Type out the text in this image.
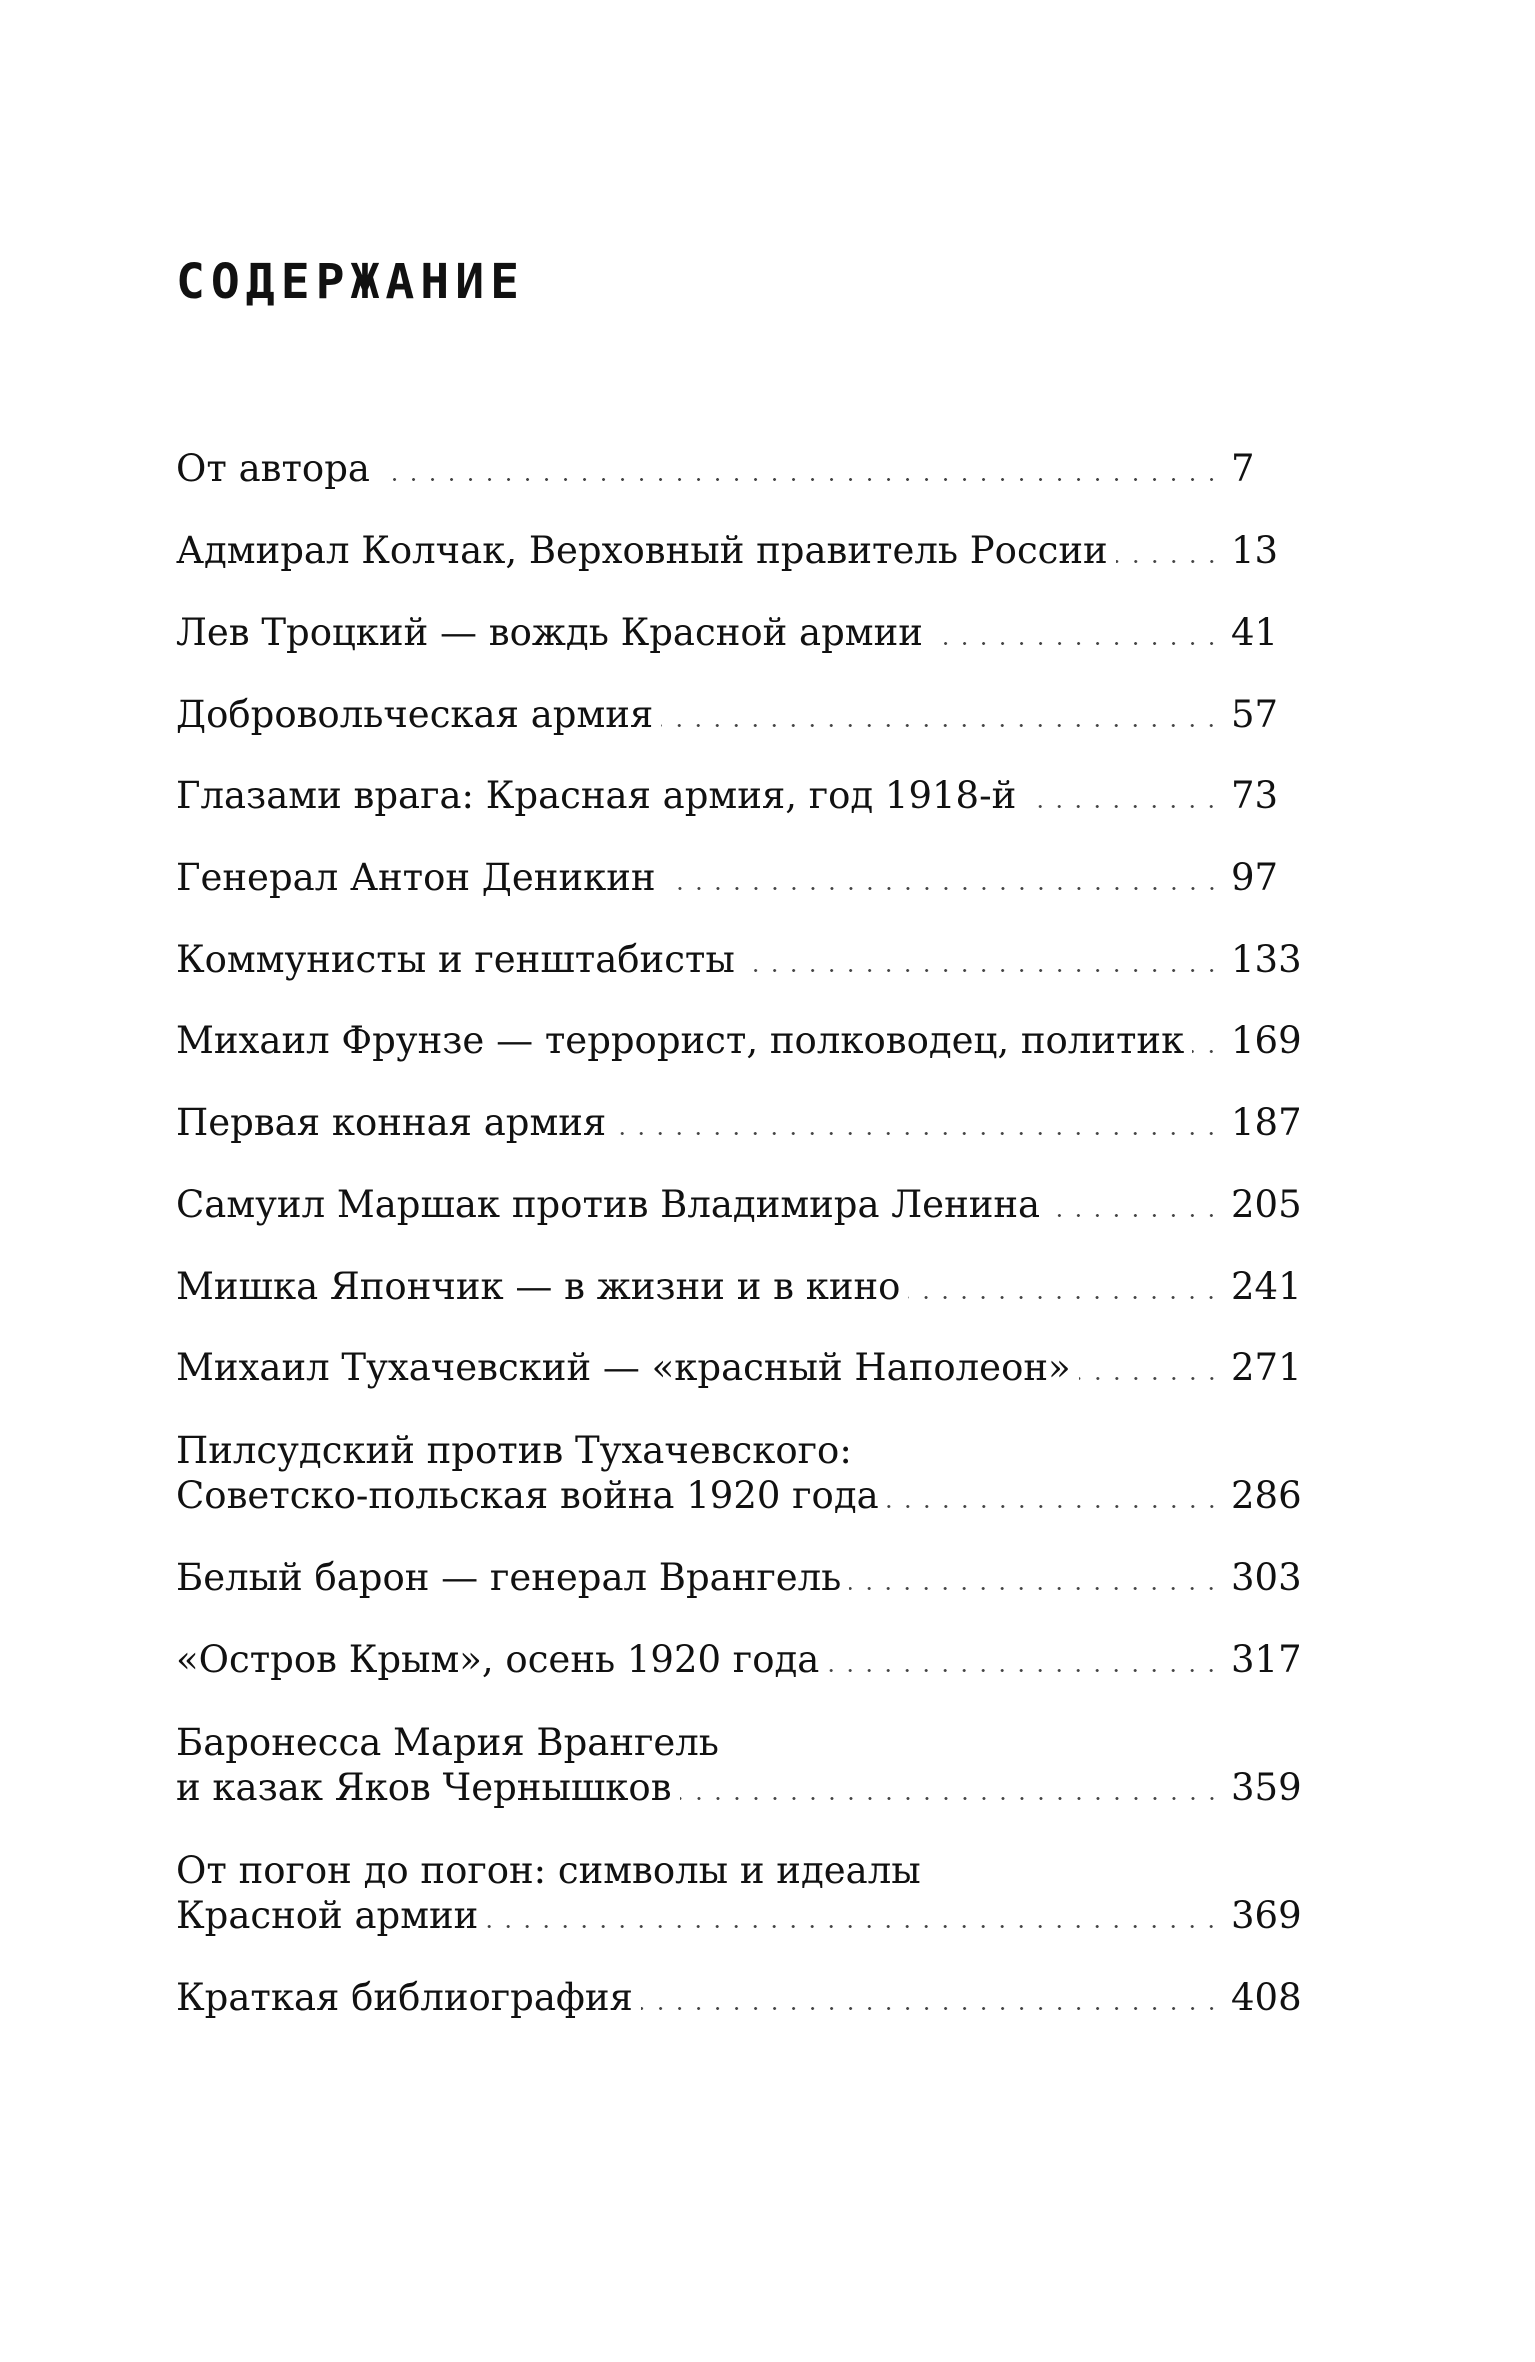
СОДЕРЖАНИЕ
От автора	7
Адмирал Колчак, Верховный правитель России	13
Лев Троцкий — вождь Красной армии	41
Добровольческая армия	57
Глазами врага: Красная армия, год 1918-й	73
Генерал Антон Деникин	97
Коммунисты и генштабисты	133
Михаил Фрунзе — террорист, полководец, политик 169
Первая конная армия	187
Самуил Маршак против Владимира Ленина	205
Мишка Япончик — в жизни и в кино	241
Михаил Тухачевский — «красный Наполеон»	271
Пилсудский против Тухачевского:
Советско-польская война 1920 года	286
Белый барон — генерал Врангель	303
«Остров Крым», осень 1920 года	317
Баронесса Мария Врангель
и казак Яков Чернышков	359
От погон до погон: символы и идеалы
Красной армии	369
Краткая библиография	408
